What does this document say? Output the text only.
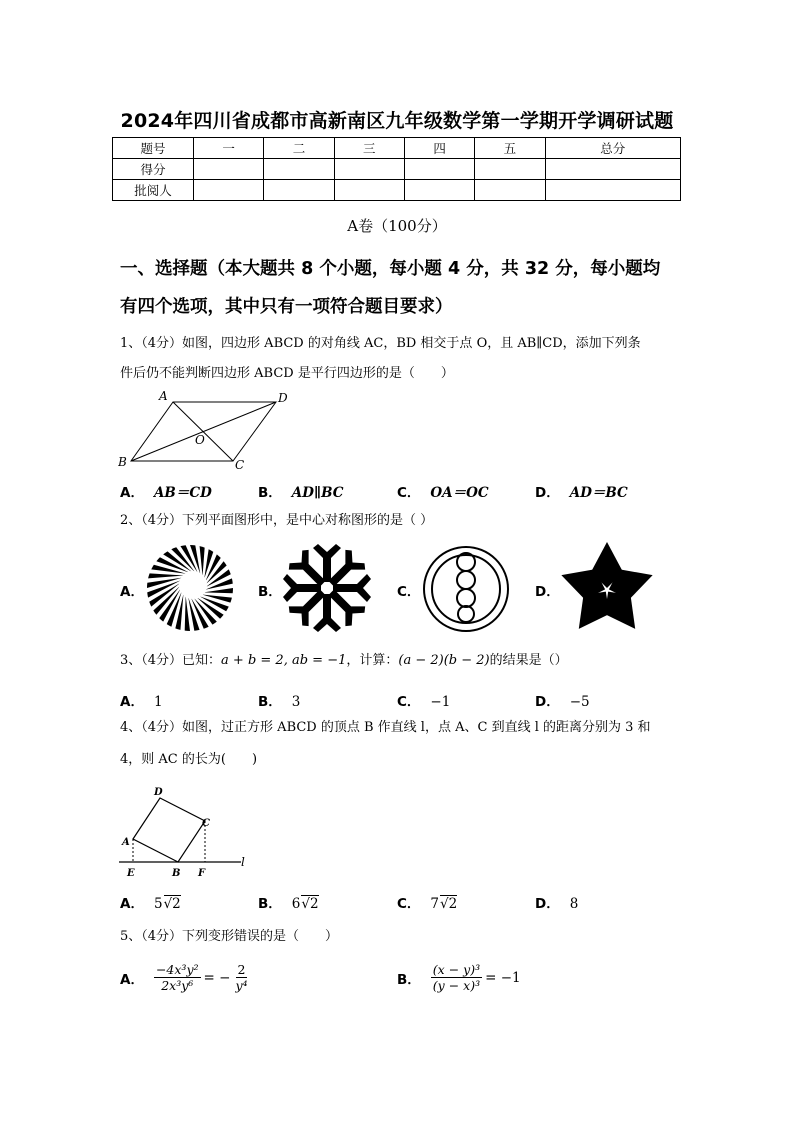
2024年四川省成都市高新南区九年级数学第一学期开学调研试题
题号	一	二	三	四	五	总分
得分						
批阅人						
A卷（100分）
一、选择题（本大题共 8 个小题，每小题 4 分，共 32 分，每小题均
有四个选项，其中只有一项符合题目要求）
1、（4分）如图，四边形 ABCD 的对角线 AC，BD 相交于点 O，且 AB∥CD，添加下列条
件后仍不能判断四边形 ABCD 是平行四边形的是（　　）
A	D
O
B	C
A． AB＝CD	B． AD∥BC	C． OA＝OC	D． AD＝BC
2、（4分）下列平面图形中，是中心对称图形的是（ ）
A．	B．	C．	D．
3、（4分）已知：a + b = 2, ab = −1，计算：(a − 2)(b − 2)的结果是（）
A． 1	B． 3	C． −1	D． −5
4、（4分）如图，过正方形 ABCD 的顶点 B 作直线 l，点 A、C 到直线 l 的距离分别为 3 和
4，则 AC 的长为(　　)
D
C
A
E	B F
l
A． 5√2	B． 6√2	C． 7√2	D． 8
5、（4分）下列变形错误的是（　　）
A． $\frac{\text{−4x³y²}}{\text{2x³y⁶}}$ = − $\frac{2}{\text{y⁴}}$	B． $\frac{\text{(x − y)³}}{\text{(y − x)³}} = -1$
